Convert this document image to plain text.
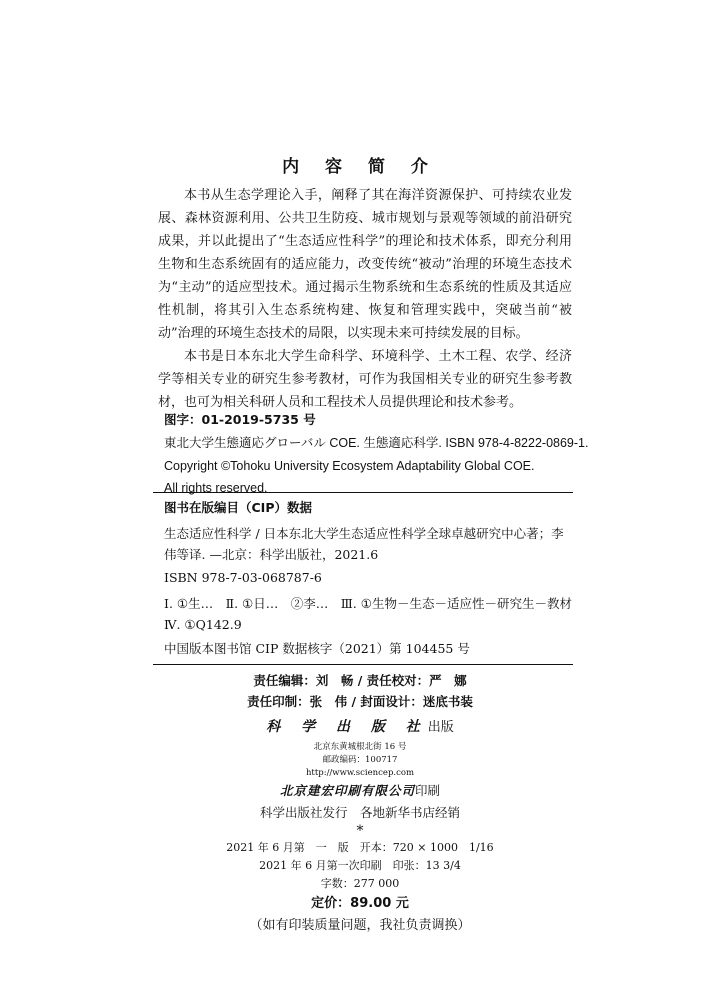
内 容 简 介

本书从生态学理论入手，阐释了其在海洋资源保护、可持续农业发展、森林资源利用、公共卫生防疫、城市规划与景观等领域的前沿研究成果，并以此提出了“生态适应性科学”的理论和技术体系，即充分利用生物和生态系统固有的适应能力，改变传统“被动”治理的环境生态技术为“主动”的适应型技术。通过揭示生物系统和生态系统的性质及其适应性机制，将其引入生态系统构建、恢复和管理实践中，突破当前“被动”治理的环境生态技术的局限，以实现未来可持续发展的目标。

本书是日本东北大学生命科学、环境科学、土木工程、农学、经济学等相关专业的研究生参考教材，可作为我国相关专业的研究生参考教材，也可为相关科研人员和工程技术人员提供理论和技术参考。

图字：01-2019-5735 号
東北大学生態適応グローバル COE. 生態適応科学. ISBN 978-4-8222-0869-1.
Copyright ©Tohoku University Ecosystem Adaptability Global COE.
All rights reserved.
图书在版编目（CIP）数据
生态适应性科学 / 日本东北大学生态适应性科学全球卓越研究中心著；李伟等译. —北京：科学出版社，2021.6
ISBN 978-7-03-068787-6
Ⅰ. ①生…　Ⅱ. ①日…　②李…　Ⅲ. ①生物－生态－适应性－研究生－教材　Ⅳ. ①Q142.9
中国版本图书馆 CIP 数据核字（2021）第 104455 号
责任编辑：刘　畅 / 责任校对：严　娜
责任印制：张　伟 / 封面设计：迷底书装
科 学 出 版 社出版
北京东黄城根北街 16 号
邮政编码：100717
http://www.sciencep.com
北京建宏印刷有限公司印刷
科学出版社发行　各地新华书店经销
*
2021 年 6 月第　一　版　开本：720 × 1000　1/16
2021 年 6 月第一次印刷　印张：13 3/4
字数：277 000
定价：89.00 元
（如有印装质量问题，我社负责调换）
